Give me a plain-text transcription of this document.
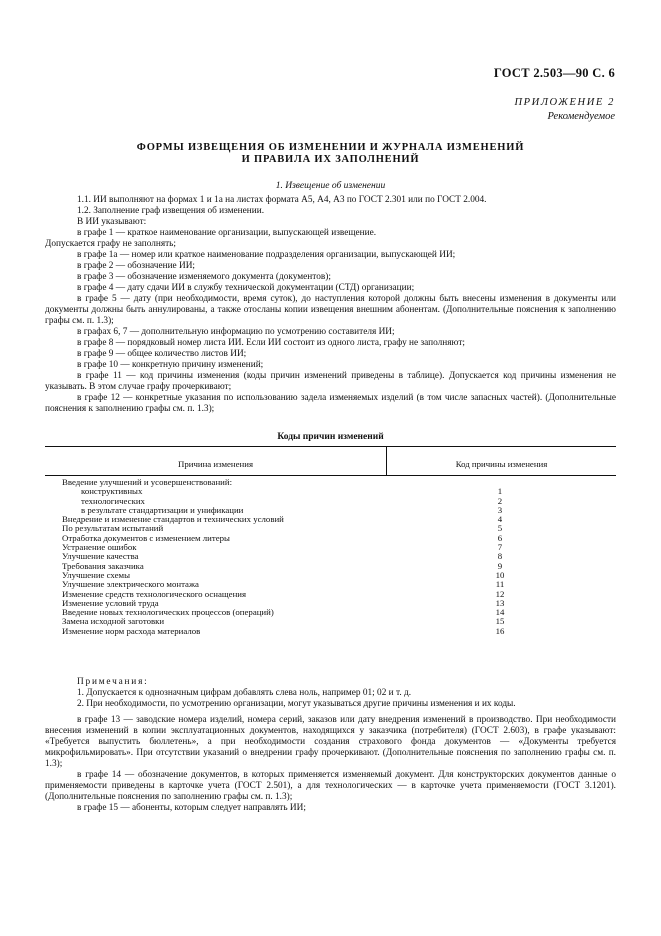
ГОСТ 2.503—90 С. 6
ПРИЛОЖЕНИЕ 2
Рекомендуемое
ФОРМЫ ИЗВЕЩЕНИЯ ОБ ИЗМЕНЕНИИ И ЖУРНАЛА ИЗМЕНЕНИЙ
И ПРАВИЛА ИХ ЗАПОЛНЕНИЙ
1. Извещение об изменении

1.1. ИИ выполняют на формах 1 и 1а на листах формата А5, А4, A3 по ГОСТ 2.301 или по ГОСТ 2.004.

1.2. Заполнение граф извещения об изменении.

В ИИ указывают:

в графе 1 — краткое наименование организации, выпускающей извещение.

Допускается графу не заполнять;

в графе 1а — номер или краткое наименование подразделения организации, выпускающей ИИ;

в графе 2 — обозначение ИИ;

в графе 3 — обозначение изменяемого документа (документов);

в графе 4 — дату сдачи ИИ в службу технической документации (СТД) организации;

в графе 5 — дату (при необходимости, время суток), до наступления которой должны быть внесены изменения в документы или документы должны быть аннулированы, а также отосланы копии извещения внешним абонентам. (Дополнительные пояснения к заполнению графы см. п. 1.3);

в графах 6, 7 — дополнительную информацию по усмотрению составителя ИИ;

в графе 8 — порядковый номер листа ИИ. Если ИИ состоит из одного листа, графу не заполняют;

в графе 9 — общее количество листов ИИ;

в графе 10 — конкретную причину изменений;

в графе 11 — код причины изменения (коды причин изменений приведены в таблице). Допускается код причины изменения не указывать. В этом случае графу прочеркивают;

в графе 12 — конкретные указания по использованию задела изменяемых изделий (в том числе запасных частей). (Дополнительные пояснения к заполнению графы см. п. 1.3);

Коды причин изменений
Причина изменения	Код причины изменения
Введение улучшений и усовершенствований:
конструктивных	1
технологических	2
в результате стандартизации и унификации	3
Внедрение и изменение стандартов и технических условий	4
По результатам испытаний	5
Отработка документов с изменением литеры	6
Устранение ошибок	7
Улучшение качества	8
Требования заказчика	9
Улучшение схемы	10
Улучшение электрического монтажа	11
Изменение средств технологического оснащения	12
Изменение условий труда	13
Введение новых технологических процессов (операций)	14
Замена исходной заготовки	15
Изменение норм расхода материалов	16

Примечания:

1. Допускается к однозначным цифрам добавлять слева ноль, например 01; 02 и т. д.

2. При необходимости, по усмотрению организации, могут указываться другие причины изменения и их коды.

в графе 13 — заводские номера изделий, номера серий, заказов или дату внедрения изменений в производство. При необходимости внесения изменений в копии эксплуатационных документов, находящихся у заказчика (потребителя) (ГОСТ 2.603), в графе указывают: «Требуется выпустить бюллетень», а при необходимости создания страхового фонда документов — «Документы требуется микрофильмировать». При отсутствии указаний о внедрении графу прочеркивают. (Дополнительные пояснения по заполнению графы см. п. 1.3);

в графе 14 — обозначение документов, в которых применяется изменяемый документ. Для конструкторских документов данные о применяемости приведены в карточке учета (ГОСТ 2.501), а для технологических — в карточке учета применяемости (ГОСТ 3.1201). (Дополнительные пояснения по заполнению графы см. п. 1.3);

в графе 15 — абоненты, которым следует направлять ИИ;
